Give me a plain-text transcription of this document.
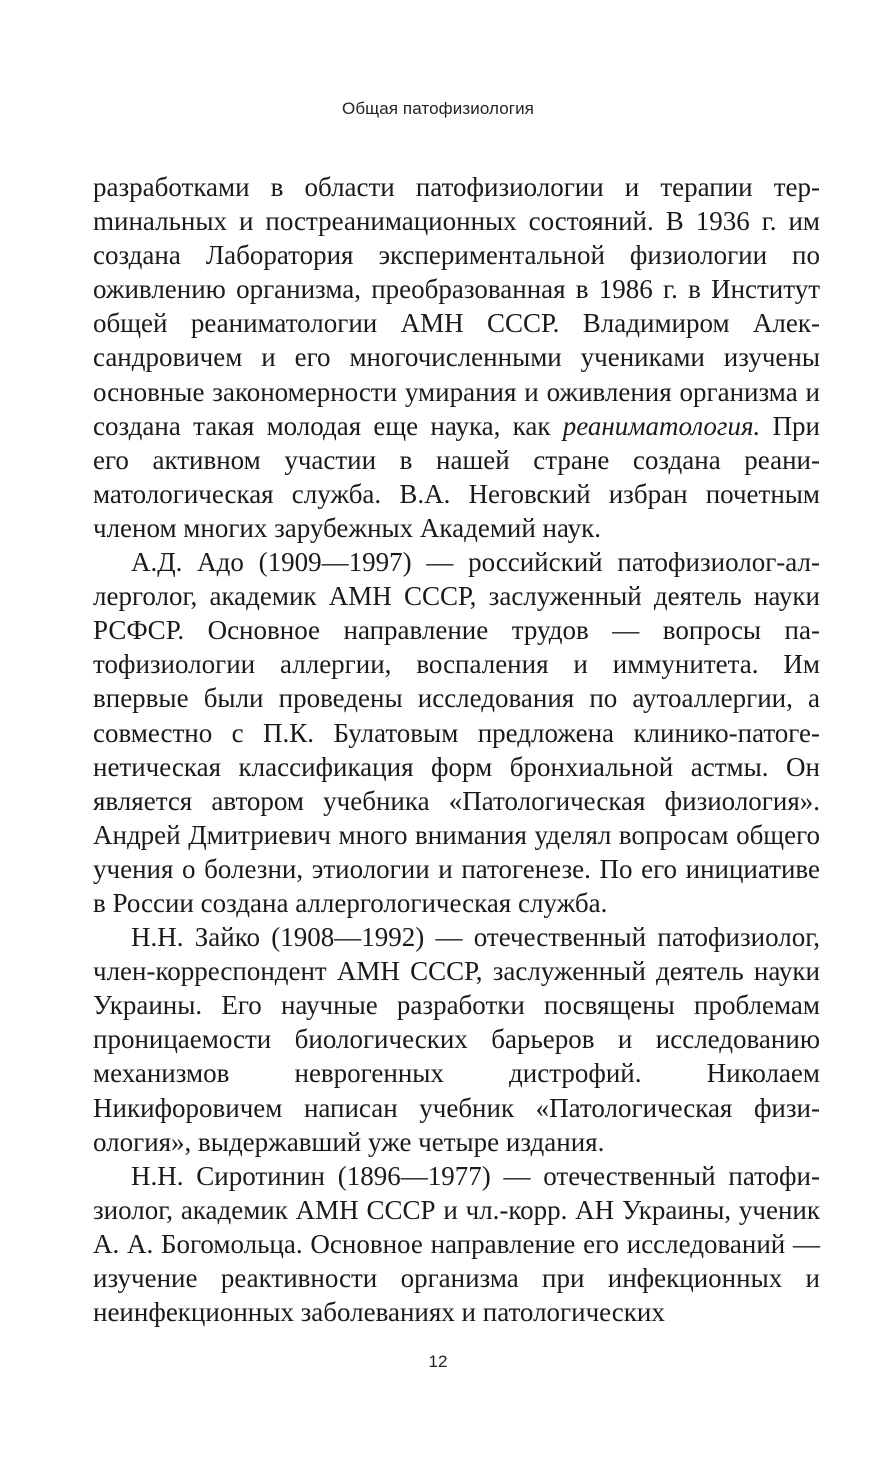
Общая патофизиология

разработками в области патофизиологии и терапии терmинальных и постреанимационных состояний. В 1936 г. им создана Лаборатория экспериментальной физиологии по оживлению организма, преобразованная в 1986 г. в Институт общей реаниматологии АМН СССР. Владимиром Александровичем и его многочисленными учениками изучены основные закономерности умирания и оживления организма и создана такая молодая еще наука, как реаниматология. При его активном участии в нашей стране создана реаниматологическая служба. В.А. Неговский избран почетным членом многих зарубежных Академий наук.

А.Д. Адо (1909—1997) — российский патофизиолог-аллерголог, академик АМН СССР, заслуженный деятель науки РСФСР. Основное направление трудов — вопросы патофизиологии аллергии, воспаления и иммунитета. Им впервые были проведены исследования по аутоаллергии, а совместно с П.К. Булатовым предложена клинико-патогенетическая классификация форм бронхиальной астмы. Он является автором учебника «Патологическая физиология». Андрей Дмитриевич много внимания уделял вопросам общего учения о болезни, этиологии и патогенезе. По его инициативе в России создана аллергологическая служба.

Н.Н. Зайко (1908—1992) — отечественный патофизиолог, член-корреспондент АМН СССР, заслуженный деятель науки Украины. Его научные разработки посвящены проблемам проницаемости биологических барьеров и исследованию механизмов неврогенных дистрофий. Николаем Никифоровичем написан учебник «Патологическая физиология», выдержавший уже четыре издания.

Н.Н. Сиротинин (1896—1977) — отечественный патофизиолог, академик АМН СССР и чл.-корр. АН Украины, ученик А. А. Богомольца. Основное направление его исследований — изучение реактивности организма при инфекционных и неинфекционных заболеваниях и патологических

12
